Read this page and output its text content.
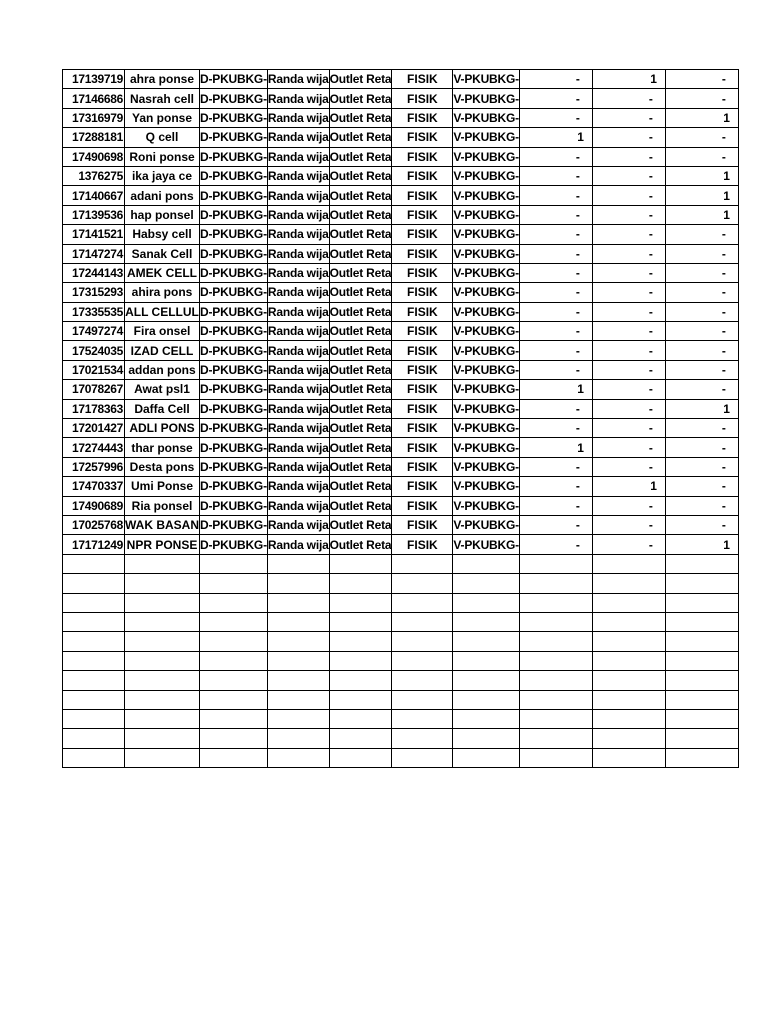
17139719	ahra ponse	D-PKUBKG-	Randa wija	Outlet Reta	FISIK	V-PKUBKG-	-	1	-
17146686	Nasrah cell	D-PKUBKG-	Randa wija	Outlet Reta	FISIK	V-PKUBKG-	-	-	-
17316979	Yan ponse	D-PKUBKG-	Randa wija	Outlet Reta	FISIK	V-PKUBKG-	-	-	1
17288181	Q cell	D-PKUBKG-	Randa wija	Outlet Reta	FISIK	V-PKUBKG-	1	-	-
17490698	Roni ponse	D-PKUBKG-	Randa wija	Outlet Reta	FISIK	V-PKUBKG-	-	-	-
1376275	ika jaya ce	D-PKUBKG-	Randa wija	Outlet Reta	FISIK	V-PKUBKG-	-	-	1
17140667	adani pons	D-PKUBKG-	Randa wija	Outlet Reta	FISIK	V-PKUBKG-	-	-	1
17139536	hap ponsel	D-PKUBKG-	Randa wija	Outlet Reta	FISIK	V-PKUBKG-	-	-	1
17141521	Habsy cell	D-PKUBKG-	Randa wija	Outlet Reta	FISIK	V-PKUBKG-	-	-	-
17147274	Sanak Cell	D-PKUBKG-	Randa wija	Outlet Reta	FISIK	V-PKUBKG-	-	-	-
17244143	AMEK CELL	D-PKUBKG-	Randa wija	Outlet Reta	FISIK	V-PKUBKG-	-	-	-
17315293	ahira pons	D-PKUBKG-	Randa wija	Outlet Reta	FISIK	V-PKUBKG-	-	-	-
17335535	ALL CELLUL	D-PKUBKG-	Randa wija	Outlet Reta	FISIK	V-PKUBKG-	-	-	-
17497274	Fira onsel	D-PKUBKG-	Randa wija	Outlet Reta	FISIK	V-PKUBKG-	-	-	-
17524035	IZAD CELL	D-PKUBKG-	Randa wija	Outlet Reta	FISIK	V-PKUBKG-	-	-	-
17021534	addan pons	D-PKUBKG-	Randa wija	Outlet Reta	FISIK	V-PKUBKG-	-	-	-
17078267	Awat psl1	D-PKUBKG-	Randa wija	Outlet Reta	FISIK	V-PKUBKG-	1	-	-
17178363	Daffa Cell	D-PKUBKG-	Randa wija	Outlet Reta	FISIK	V-PKUBKG-	-	-	1
17201427	ADLI PONS	D-PKUBKG-	Randa wija	Outlet Reta	FISIK	V-PKUBKG-	-	-	-
17274443	thar ponse	D-PKUBKG-	Randa wija	Outlet Reta	FISIK	V-PKUBKG-	1	-	-
17257996	Desta pons	D-PKUBKG-	Randa wija	Outlet Reta	FISIK	V-PKUBKG-	-	-	-
17470337	Umi Ponse	D-PKUBKG-	Randa wija	Outlet Reta	FISIK	V-PKUBKG-	-	1	-
17490689	Ria ponsel	D-PKUBKG-	Randa wija	Outlet Reta	FISIK	V-PKUBKG-	-	-	-
17025768	WAK BASAN	D-PKUBKG-	Randa wija	Outlet Reta	FISIK	V-PKUBKG-	-	-	-
17171249	NPR PONSE	D-PKUBKG-	Randa wija	Outlet Reta	FISIK	V-PKUBKG-	-	-	1
